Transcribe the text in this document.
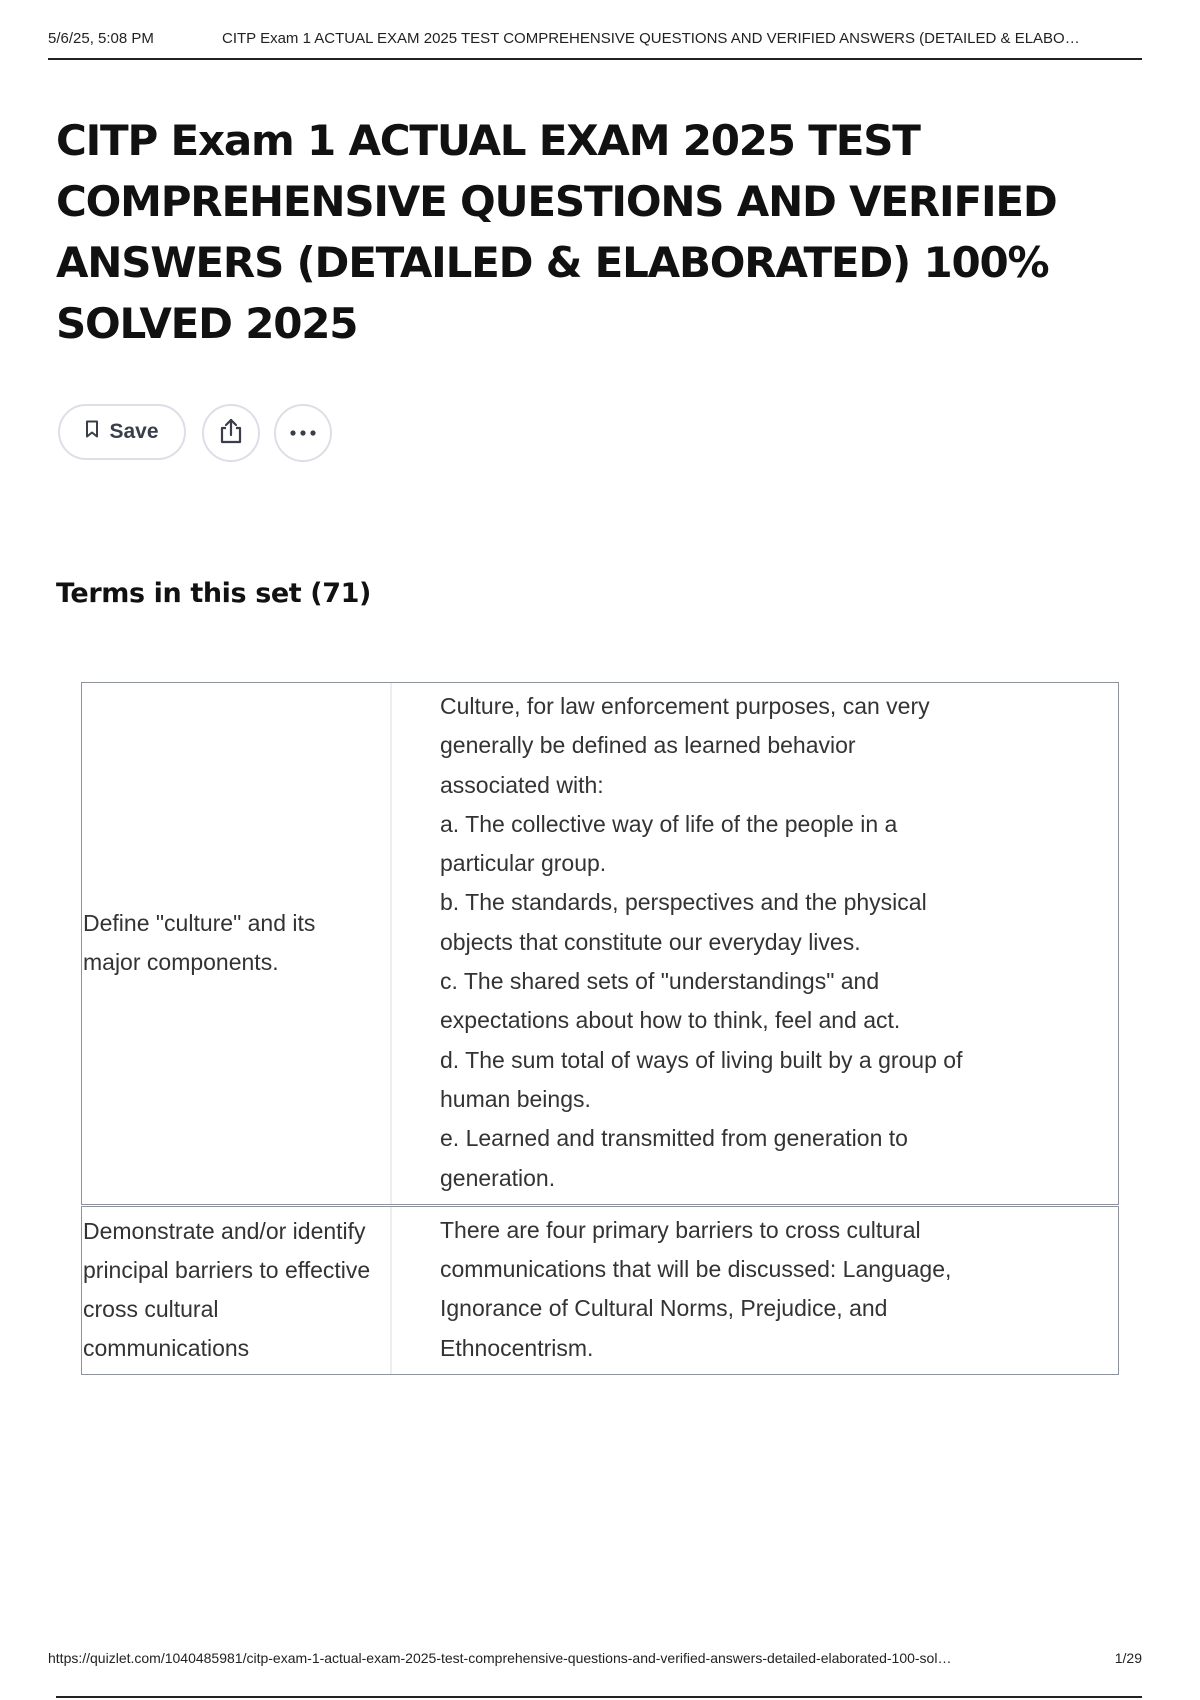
5/6/25, 5:08 PM	CITP Exam 1 ACTUAL EXAM 2025 TEST COMPREHENSIVE QUESTIONS AND VERIFIED ANSWERS (DETAILED & ELABO…
CITP Exam 1 ACTUAL EXAM 2025 TEST COMPREHENSIVE QUESTIONS AND VERIFIED ANSWERS (DETAILED & ELABORATED) 100% SOLVED 2025
Save
Terms in this set (71)
Define "culture" and its major components.
Culture, for law enforcement purposes, can very
generally be defined as learned behavior
associated with:
a. The collective way of life of the people in a
particular group.
b. The standards, perspectives and the physical
objects that constitute our everyday lives.
c. The shared sets of "understandings" and
expectations about how to think, feel and act.
d. The sum total of ways of living built by a group of
human beings.
e. Learned and transmitted from generation to
generation.
Demonstrate and/or identify principal barriers to effective cross cultural communications
There are four primary barriers to cross cultural
communications that will be discussed: Language,
Ignorance of Cultural Norms, Prejudice, and
Ethnocentrism.
https://quizlet.com/1040485981/citp-exam-1-actual-exam-2025-test-comprehensive-questions-and-verified-answers-detailed-elaborated-100-sol…	1/29
